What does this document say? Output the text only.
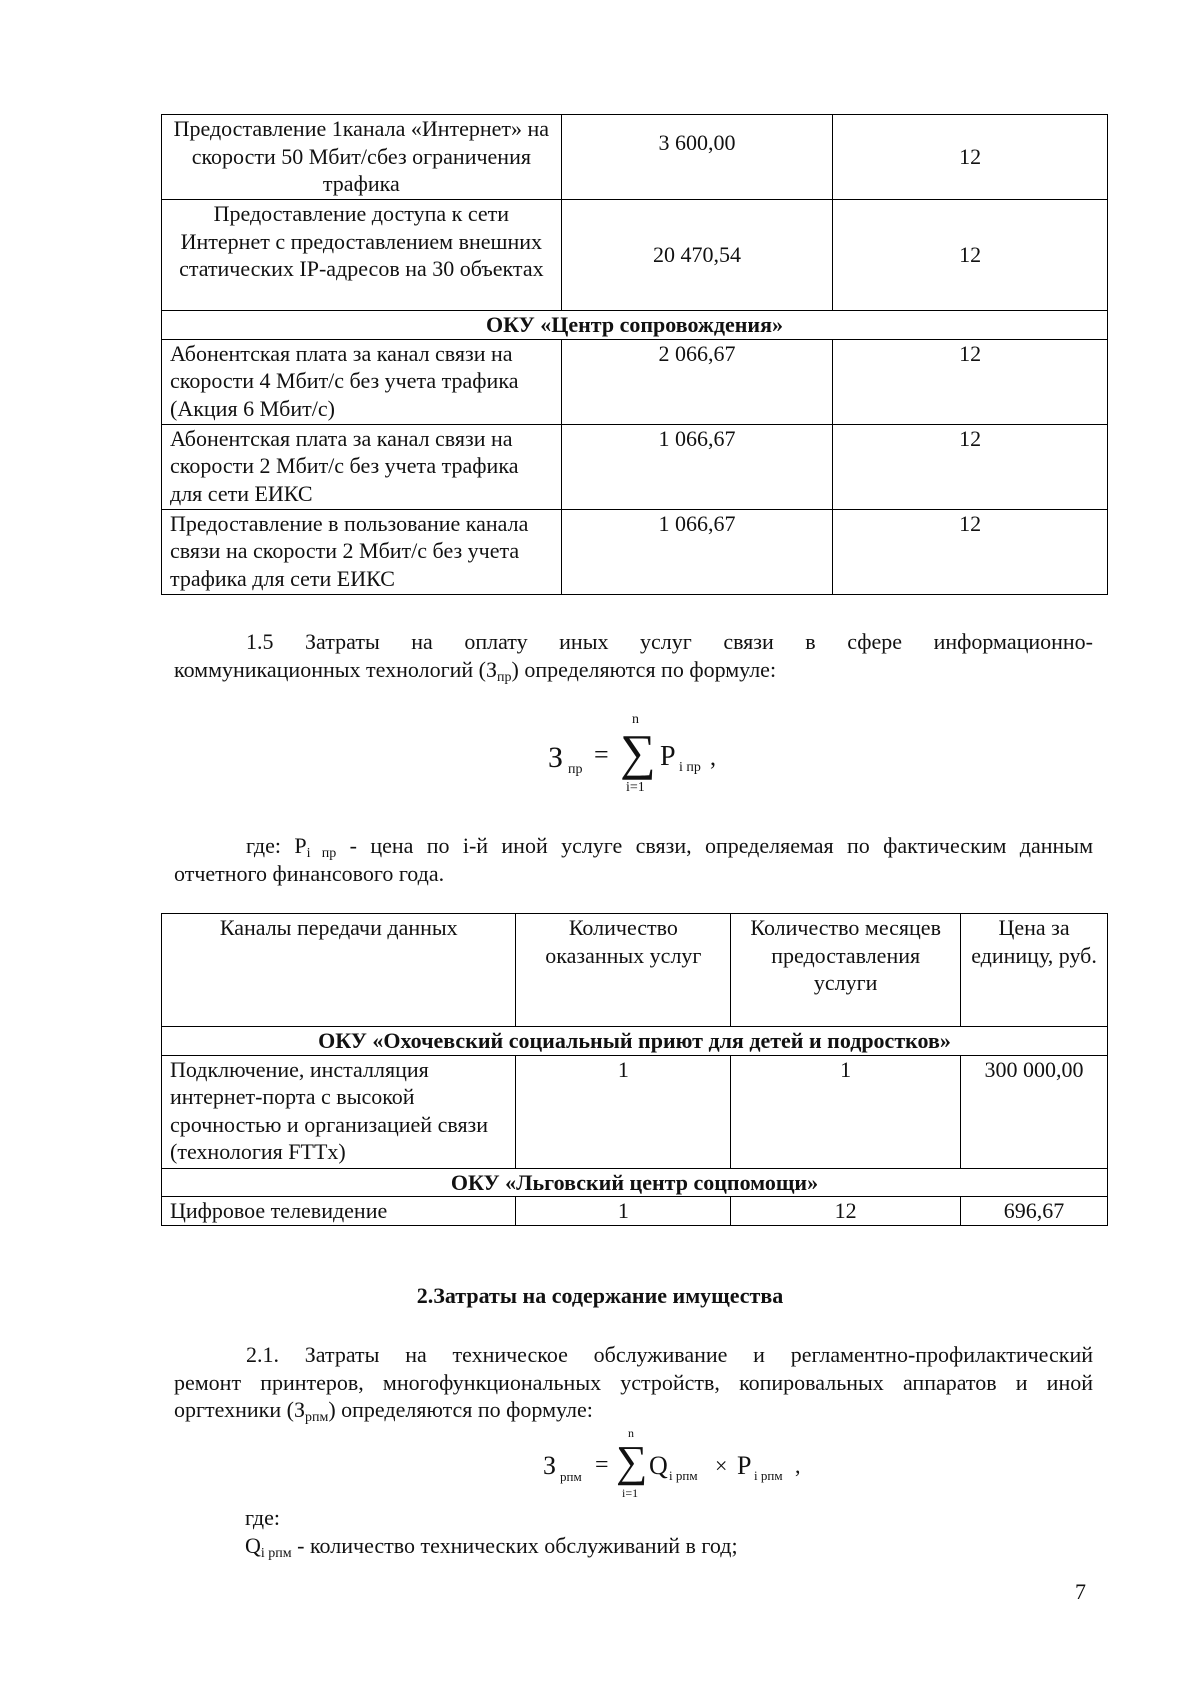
Предоставление 1канала «Интернет» на скорости 50 Мбит/сбез ограничения трафика	3 600,00	12
Предоставление доступа к сети Интернет с предоставлением внешних статических IP-адресов на 30 объектах	20 470,54	12
ОКУ «Центр сопровождения»		
Абонентская плата за канал связи на скорости 4 Мбит/с без учета трафика (Акция 6 Мбит/с)	2 066,67	12
Абонентская плата за канал связи на скорости 2 Мбит/с без учета трафика для сети ЕИКС	1 066,67	12
Предоставление в пользование канала связи на скорости 2 Мбит/с без учета трафика для сети ЕИКС	1 066,67	12
1.5 Затраты на оплату иных услуг связи в сфере информационно-
коммуникационных технологий (Зпр) определяются по формуле:
З пр
=
n
∑
i=1
P i пр ,
где: Pi пр - цена по i-й иной услуге связи, определяемая по фактическим данным
отчетного финансового года.
Каналы передачи данных	Количество оказанных услуг	Количество месяцев предоставления услуги	Цена за единицу, руб.
ОКУ «Охочевский социальный приют для детей и подростков»			
Подключение, инсталляция интернет-порта с высокой срочностью и организацией связи (технология FTTx)	1	1	300 000,00
ОКУ «Льговский центр соцпомощи»			
Цифровое телевидение	1	12	696,67
2.Затраты на содержание имущества
2.1. Затраты на техническое обслуживание и регламентно-профилактический
ремонт принтеров, многофункциональных устройств, копировальных аппаратов и иной
оргтехники (Зрпм) определяются по формуле:
З рпм =
n
∑
i=1
Q i рпм × P i рпм ,
где:
Qi рпм - количество технических обслуживаний в год;
7
